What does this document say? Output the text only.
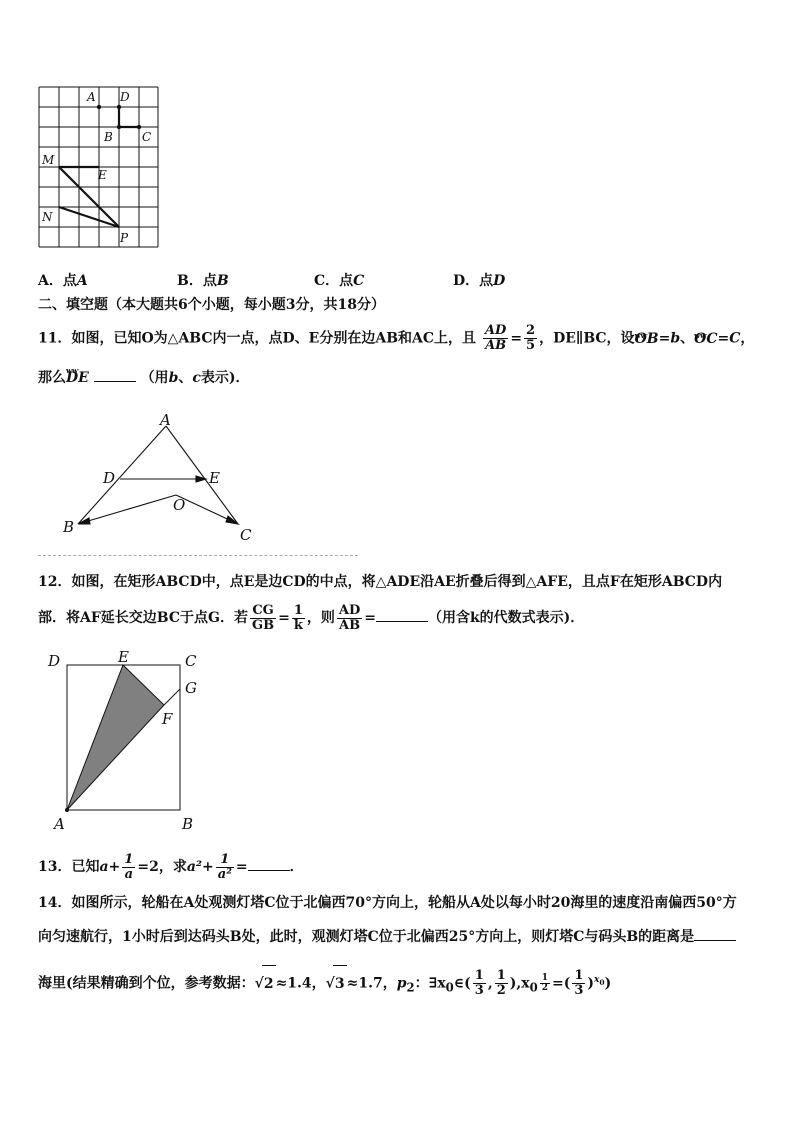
A D
B C
M
E
N
P
A．点A	B．点B	C．点C	D．点D
二、填空题（本大题共6个小题，每小题3分，共18分）
11．如图，已知O为△ABC内一点，点D、E分别在边AB和AC上，且 $\frac{AD}{AB} = \frac{2}{5}$ ，DE∥BC，设ⱳⱳ OB=b、ⱳⱳ OC=C，
那么ⱳⱳ DE	（用b、c表示)．
A
D	E
O
B	C
12．如图，在矩形ABCD中，点E是边CD的中点，将△ADE沿AE折叠后得到△AFE，且点F在矩形ABCD内
部．将AF延长交边BC于点G．若 $\frac{CG}{GB} = \frac{1}{k}$ ，则 $\frac{AD}{AB}$ =	（用含k的代数式表示)．
D	E	C
G
F
A	B
13．已知$a+ \frac{1}{a} =2$，求$a^2+ \frac{1}{\text{a²}}$ =	．
14．如图所示，轮船在A处观测灯塔C位于北偏西70°方向上，轮船从A处以每小时20海里的速度沿南偏西50°方
向匀速航行，1小时后到达码头B处，此时，观测灯塔C位于北偏西25°方向上，则灯塔C与码头B的距离是
海里(结果精确到个位，参考数据：√2 ≈1.4，√3 ≈1.7，$p_2$：$\exists x_0\in( \frac{1}{3}$ , $\frac{1}{2} ),x_0 \frac{1}{2}$ =( $\frac{1}{3} )^{x_0}$)
